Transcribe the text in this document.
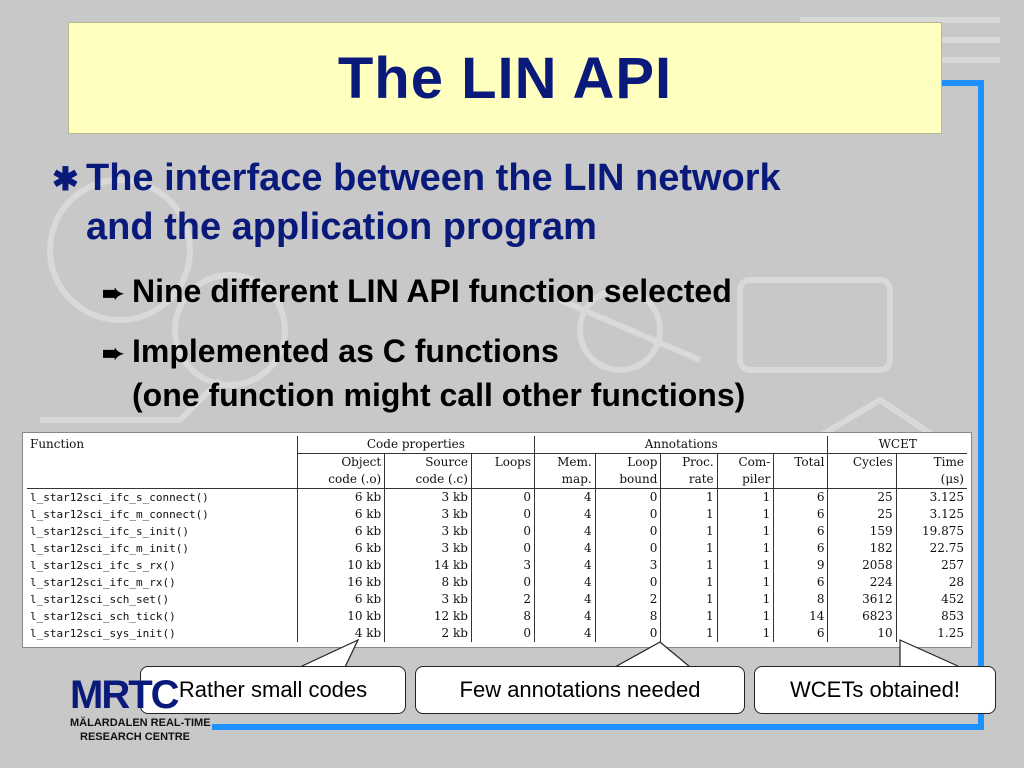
The LIN API
✱ The interface between the LIN network
and the application program
➨ Nine different LIN API function selected
➨ Implemented as C functions
(one function might call other functions)
Function	Code properties			Annotations					WCET	
	Object	Source	Loops	Mem.	Loop	Proc.	Com-	Total	Cycles	Time
	code (.o)	code (.c)		map.	bound	rate	piler			(μs)
l_star12sci_ifc_s_connect()	6 kb	3 kb	0	4	0	1	1	6	25	3.125
l_star12sci_ifc_m_connect()	6 kb	3 kb	0	4	0	1	1	6	25	3.125
l_star12sci_ifc_s_init()	6 kb	3 kb	0	4	0	1	1	6	159	19.875
l_star12sci_ifc_m_init()	6 kb	3 kb	0	4	0	1	1	6	182	22.75
l_star12sci_ifc_s_rx()	10 kb	14 kb	3	4	3	1	1	9	2058	257
l_star12sci_ifc_m_rx()	16 kb	8 kb	0	4	0	1	1	6	224	28
l_star12sci_sch_set()	6 kb	3 kb	2	4	2	1	1	8	3612	452
l_star12sci_sch_tick()	10 kb	12 kb	8	4	8	1	1	14	6823	853
l_star12sci_sys_init()	4 kb	2 kb	0	4	0	1	1	6	10	1.25
Rather small codes	Few annotations needed	WCETs obtained!
MRTC
MÄLARDALEN REAL-TIME
RESEARCH CENTRE
